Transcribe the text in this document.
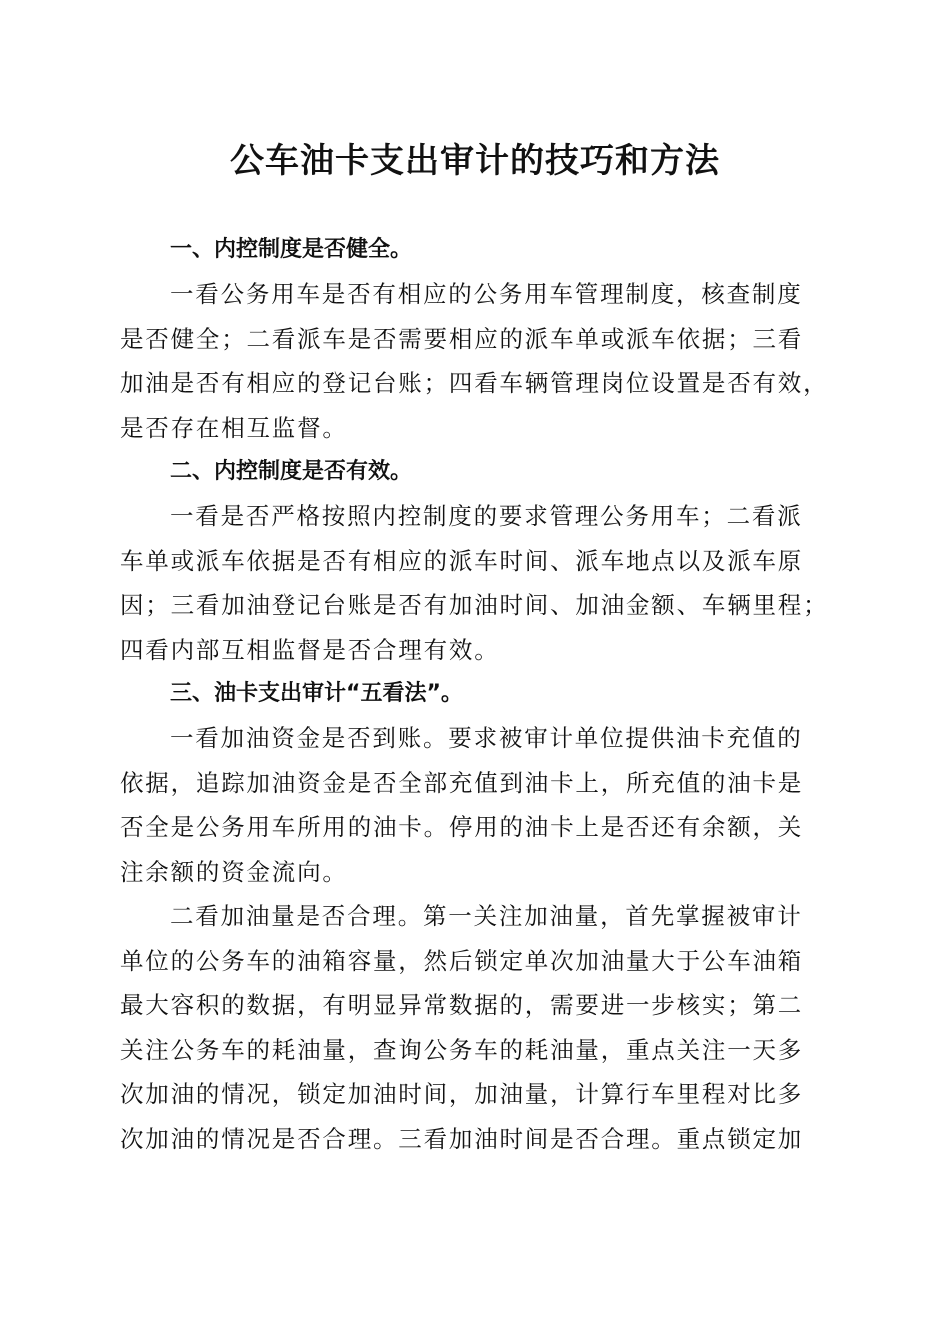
公车油卡支出审计的技巧和方法
一、内控制度是否健全。
一看公务用车是否有相应的公务用车管理制度，核查制度
是否健全；二看派车是否需要相应的派车单或派车依据；三看
加油是否有相应的登记台账；四看车辆管理岗位设置是否有效，
是否存在相互监督。
二、内控制度是否有效。
一看是否严格按照内控制度的要求管理公务用车；二看派
车单或派车依据是否有相应的派车时间、派车地点以及派车原
因；三看加油登记台账是否有加油时间、加油金额、车辆里程；
四看内部互相监督是否合理有效。
三、油卡支出审计“五看法”。
一看加油资金是否到账。要求被审计单位提供油卡充值的
依据，追踪加油资金是否全部充值到油卡上，所充值的油卡是
否全是公务用车所用的油卡。停用的油卡上是否还有余额，关
注余额的资金流向。
二看加油量是否合理。第一关注加油量，首先掌握被审计
单位的公务车的油箱容量，然后锁定单次加油量大于公车油箱
最大容积的数据，有明显异常数据的，需要进一步核实；第二
关注公务车的耗油量，查询公务车的耗油量，重点关注一天多
次加油的情况，锁定加油时间，加油量，计算行车里程对比多
次加油的情况是否合理。三看加油时间是否合理。重点锁定加
